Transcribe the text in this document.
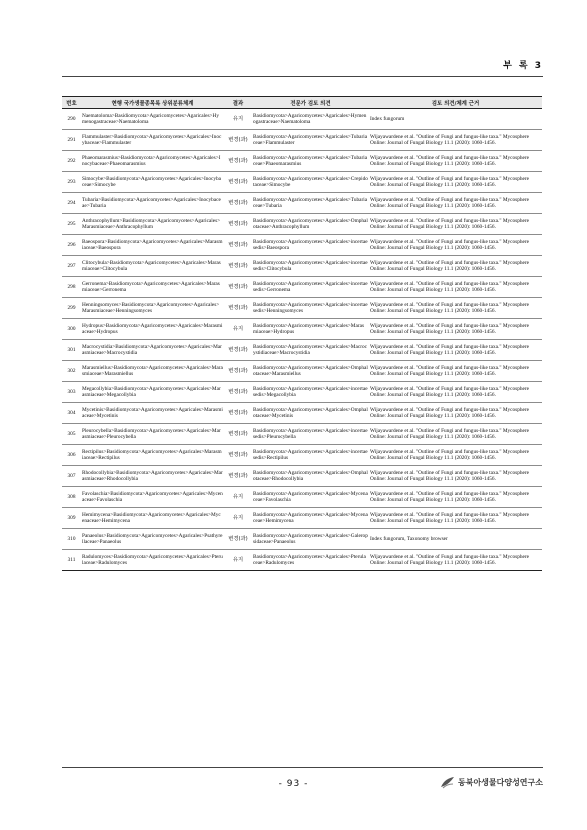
부 록 3
번호	현행 국가생물종목록 상위분류체계	결과	전문가 검토 의견	검토 의견/체계 근거
290	Naematoloma>Basidiomycota>Agaricomycetes>Agaricales>Hymenogastraceae>Naematoloma	유지	Basidiomycota>Agaricomycetes>Agaricales>Hymenogastraceae>Naematoloma	Index fungorum
291	Flammulaster>Basidiomycota>Agaricomycetes>Agaricales>Inocybaceae>Flammulaster	변경(과)	Basidiomycota>Agaricomycetes>Agaricales>Tubariaceae>Flammulaster	Wijayawardene et al. "Outline of Fungi and fungus-like taxa." Mycosphere Online: Journal of Fungal Biology 11.1 (2020): 1060-1456.
292	Phaeomarasmius>Basidiomycota>Agaricomycetes>Agaricales>Inocybaceae>Phaeomarasmius	변경(과)	Basidiomycota>Agaricomycetes>Agaricales>Tubariaceae>Phaeomarasmius	Wijayawardene et al. "Outline of Fungi and fungus-like taxa." Mycosphere Online: Journal of Fungal Biology 11.1 (2020): 1060-1456.
293	Simocybe>Basidiomycota>Agaricomycetes>Agaricales>Inocybaceae>Simocybe	변경(과)	Basidiomycota>Agaricomycetes>Agaricales>Crepidotaceae>Simocybe	Wijayawardene et al. "Outline of Fungi and fungus-like taxa." Mycosphere Online: Journal of Fungal Biology 11.1 (2020): 1060-1456.
294	Tubaria>Basidiomycota>Agaricomycetes>Agaricales>Inocybaceae>Tubaria	변경(과)	Basidiomycota>Agaricomycetes>Agaricales>Tubariaceae>Tubaria	Wijayawardene et al. "Outline of Fungi and fungus-like taxa." Mycosphere Online: Journal of Fungal Biology 11.1 (2020): 1060-1456.
295	Anthracophyllum>Basidiomycota>Agaricomycetes>Agaricales>Marasmiaceae>Anthracophyllum	변경(과)	Basidiomycota>Agaricomycetes>Agaricales>Omphalotaceae>Anthracophyllum	Wijayawardene et al. "Outline of Fungi and fungus-like taxa." Mycosphere Online: Journal of Fungal Biology 11.1 (2020): 1060-1456.
296	Baeospora>Basidiomycota>Agaricomycetes>Agaricales>Marasmiaceae>Baeospora	변경(과)	Basidiomycota>Agaricomycetes>Agaricales>incertae sedis>Baeospora	Wijayawardene et al. "Outline of Fungi and fungus-like taxa." Mycosphere Online: Journal of Fungal Biology 11.1 (2020): 1060-1456.
297	Clitocybula>Basidiomycota>Agaricomycetes>Agaricales>Marasmiaceae>Clitocybula	변경(과)	Basidiomycota>Agaricomycetes>Agaricales>incertae sedis>Clitocybula	Wijayawardene et al. "Outline of Fungi and fungus-like taxa." Mycosphere Online: Journal of Fungal Biology 11.1 (2020): 1060-1456.
298	Gerronema>Basidiomycota>Agaricomycetes>Agaricales>Marasmiaceae>Gerronema	변경(과)	Basidiomycota>Agaricomycetes>Agaricales>incertae sedis>Gerronema	Wijayawardene et al. "Outline of Fungi and fungus-like taxa." Mycosphere Online: Journal of Fungal Biology 11.1 (2020): 1060-1456.
299	Henningsomyces>Basidiomycota>Agaricomycetes>Agaricales>Marasmiaceae>Henningsomyces	변경(과)	Basidiomycota>Agaricomycetes>Agaricales>incertae sedis>Henningsomyces	Wijayawardene et al. "Outline of Fungi and fungus-like taxa." Mycosphere Online: Journal of Fungal Biology 11.1 (2020): 1060-1456.
300	Hydropus>Basidiomycota>Agaricomycetes>Agaricales>Marasmiaceae>Hydropus	유지	Basidiomycota>Agaricomycetes>Agaricales>Marasmiaceae>Hydropus	Wijayawardene et al. "Outline of Fungi and fungus-like taxa." Mycosphere Online: Journal of Fungal Biology 11.1 (2020): 1060-1456.
301	Macrocystidia>Basidiomycota>Agaricomycetes>Agaricales>Marasmiaceae>Macrocystidia	변경(과)	Basidiomycota>Agaricomycetes>Agaricales>Macrocystidiaceae>Macrocystidia	Wijayawardene et al. "Outline of Fungi and fungus-like taxa." Mycosphere Online: Journal of Fungal Biology 11.1 (2020): 1060-1456.
302	Marasmiellus>Basidiomycota>Agaricomycetes>Agaricales>Marasmiaceae>Marasmiellus	변경(과)	Basidiomycota>Agaricomycetes>Agaricales>Omphalotaceae>Marasmiellus	Wijayawardene et al. "Outline of Fungi and fungus-like taxa." Mycosphere Online: Journal of Fungal Biology 11.1 (2020): 1060-1456.
303	Megacollybia>Basidiomycota>Agaricomycetes>Agaricales>Marasmiaceae>Megacollybia	변경(과)	Basidiomycota>Agaricomycetes>Agaricales>incertae sedis>Megacollybia	Wijayawardene et al. "Outline of Fungi and fungus-like taxa." Mycosphere Online: Journal of Fungal Biology 11.1 (2020): 1060-1456.
304	Mycetinis>Basidiomycota>Agaricomycetes>Agaricales>Marasmiaceae>Mycetinis	변경(과)	Basidiomycota>Agaricomycetes>Agaricales>Omphalotaceae>Mycetinis	Wijayawardene et al. "Outline of Fungi and fungus-like taxa." Mycosphere Online: Journal of Fungal Biology 11.1 (2020): 1060-1456.
305	Pleurocybella>Basidiomycota>Agaricomycetes>Agaricales>Marasmiaceae>Pleurocybella	변경(과)	Basidiomycota>Agaricomycetes>Agaricales>incertae sedis>Pleurocybella	Wijayawardene et al. "Outline of Fungi and fungus-like taxa." Mycosphere Online: Journal of Fungal Biology 11.1 (2020): 1060-1456.
306	Rectipilus>Basidiomycota>Agaricomycetes>Agaricales>Marasmiaceae>Rectipilus	변경(과)	Basidiomycota>Agaricomycetes>Agaricales>incertae sedis>Rectipilus	Wijayawardene et al. "Outline of Fungi and fungus-like taxa." Mycosphere Online: Journal of Fungal Biology 11.1 (2020): 1060-1456.
307	Rhodocollybia>Basidiomycota>Agaricomycetes>Agaricales>Marasmiaceae>Rhodocollybia	변경(과)	Basidiomycota>Agaricomycetes>Agaricales>Omphalotaceae>Rhodocollybia	Wijayawardene et al. "Outline of Fungi and fungus-like taxa." Mycosphere Online: Journal of Fungal Biology 11.1 (2020): 1060-1456.
308	Favolaschia>Basidiomycota>Agaricomycetes>Agaricales>Mycenaceae>Favolaschia	유지	Basidiomycota>Agaricomycetes>Agaricales>Mycenaceae>Favolaschia	Wijayawardene et al. "Outline of Fungi and fungus-like taxa." Mycosphere Online: Journal of Fungal Biology 11.1 (2020): 1060-1456.
309	Hemimycena>Basidiomycota>Agaricomycetes>Agaricales>Mycenaceae>Hemimycena	유지	Basidiomycota>Agaricomycetes>Agaricales>Mycenaceae>Hemimycena	Wijayawardene et al. "Outline of Fungi and fungus-like taxa." Mycosphere Online: Journal of Fungal Biology 11.1 (2020): 1060-1456.
310	Panaeolus>Basidiomycota>Agaricomycetes>Agaricales>Psathyrellaceae>Panaeolus	변경(과)	Basidiomycota>Agaricomycetes>Agaricales>Galeropsidaceae>Panaeolus	Index fungorum, Taxonomy browser
311	Radulomyces>Basidiomycota>Agaricomycetes>Agaricales>Pterulaceae>Radulomyces	유지	Basidiomycota>Agaricomycetes>Agaricales>Pterulaceae>Radulomyces	Wijayawardene et al. "Outline of Fungi and fungus-like taxa." Mycosphere Online: Journal of Fungal Biology 11.1 (2020): 1060-1456.
- 93 -	동북아생물다양성연구소
